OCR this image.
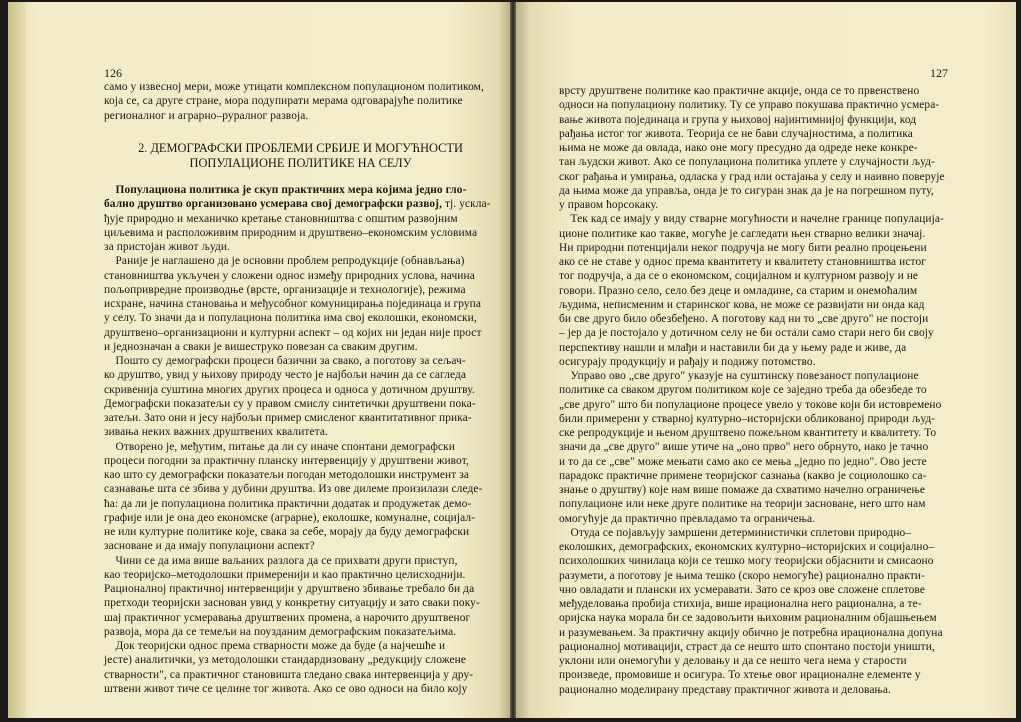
126
само у извесној мери, може утицати комплексном популационом политиком,
која се, са друге стране, мора подупирати мерама одговарајуће политике
регионалног и аграрно–руралног развоја.
2. ДЕМОГРАФСКИ ПРОБЛЕМИ СРБИЈЕ И МОГУЋНОСТИ
ПОПУЛАЦИОНЕ ПОЛИТИКЕ НА СЕЛУ
 Популациона политика је скуп практичних мера којима једно гло-
бално друштво организовано усмерава свој демографски развој, тј. ускла-
ђује природно и механичко кретање становништва с општим развојним
циљевима и расположивим природним и друштвено–економским условима
за пристојан живот људи.
 Раније је наглашено да је основни проблем репродукције (обнављања)
становништва укључен у сложени однос између природних услова, начина
пољопривредне производње (врсте, организације и технологије), режима
исхране, начина становања и међусобног комуницирања појединаца и група
у селу. То значи да и популациона политика има свој еколошки, економски,
друштвено–организациони и културни аспект – од којих ни један није прост
и једнозначан а сваки је вишеструко повезан са сваким другим.
 Пошто су демографски процеси базични за свако, а поготову за сељач-
ко друштво, увид у њихову природу често је најбољи начин да се сагледа
скривенија суштина многих других процеса и односа у дотичном друштву.
Демографски показатељи су у правом смислу синтетички друштвени пока-
затељи. Зато они и јесу најбољи пример смисленог квантитативног прика-
зивања неких важних друштвених квалитета.
 Отворено је, међутим, питање да ли су иначе спонтани демографски
процеси погодни за практичну планску интервенцију у друштвени живот,
као што су демографски показатељи погодан методолошки инструмент за
сазнавање шта се збива у дубини друштва. Из ове дилеме произилази следе-
ћа: да ли је популациона политика практични додатак и продужетак демо-
графије или је она део економске (аграрне), еколошке, комуналне, социјал-
не или културне политике које, свака за себе, морају да буду демографски
засноване и да имају популациони аспект?
 Чини се да има више ваљаних разлога да се прихвати други приступ,
као теоријско–методолошки примеренији и као практично целисходнији.
Рационалној практичној интервенцији у друштвено збивање требало би да
претходи теоријски заснован увид у конкретну ситуацију и зато сваки поку-
шај практичног усмеравања друштвених промена, а нарочито друштвеног
развоја, мора да се темељи на поузданим демографским показатељима.
 Док теоријски однос према стварности може да буде (а најчешће и
јесте) аналитички, уз методолошки стандардизовану „редукцију сложене
стварности", са практичног становишта гледано свака интервенција у дру-
штвени живот тиче се целине тог живота. Ако се ово односи на било коју
127
врсту друштвене политике као практичне акције, онда се то првенствено
односи на популациону политику. Ту се управо покушава практично усмера-
вање живота појединаца и група у њиховој најинтимнијој функцији, код
рађања истог тог живота. Теорија се не бави случајностима, а политика
њима не може да овлада, иако оне могу пресудно да одреде неке конкре-
тан људски живот. Ако се популациона политика уплете у случајности људ-
ског рађања и умирања, одласка у град или остајања у селу и наивно поверује
да њима може да управља, онда је то сигуран знак да је на погрешном путу,
у правом ћорсокаку.
 Тек кад се имају у виду стварне могућности и начелне границе популација-
ционе политике као такве, могуће је сагледати њен стварно велики значај.
Ни природни потенцијали неког подручја не могу бити реално процењени
ако се не ставе у однос према квантитету и квалитету становништва истог
тог подручја, а да се о економском, социјалном и културном развоју и не
говори. Празно село, село без деце и омладине, са старим и онемоћалим
људима, неписменим и старинског кова, не може се развијати ни онда кад
би све друго било обезбеђено. А поготову кад ни то „све друго" не постоји
– јер да је постојало у дотичном селу не би остали само стари него би своју
перспективу нашли и млађи и наставили би да у њему раде и живе, да
осигурају продукцију и рађају и подижу потомство.
 Управо ово „све друго" указује на суштинску повезаност популационе
политике са сваком другом политиком које се заједно треба да обезбеде то
„све друго" што би популационе процесе увело у токове који би истовремено
били примерени у стварној културно–историјски обликованој природи људ-
ске репродукције и њеном друштвено пожељном квантитету и квалитету. То
значи да „све друго" више утиче на „оно прво" него обрнуто, иако је тачно
и то да се „све" може мењати само ако се мења „једно по једно". Ово јесте
парадокс практичне примене теоријског сазнања (какво је социолошко са-
знање о друштву) које нам више помаже да схватимо начелно ограничење
популационе или неке друге политике на теорији засноване, него што нам
омогућује да практично превладамо та ограничења.
 Отуда се појављују замршени детерминистички сплетови природно–
еколошких, демографских, економских културно–историјских и социјално–
психолошких чинилаца који се тешко могу теоријски објаснити и смисаоно
разумети, а поготову је њима тешко (скоро немогуће) рационално практи-
чно овладати и плански их усмеравати. Зато се кроз ове сложене сплетове
међуделовања пробија стихија, више ирационална него рационална, а те-
оријска наука морала би се задовољити њиховим рационалним објашњењем
и разумевањем. За практичну акцију обично је потребна ирационална допуна
рационалној мотивацији, страст да се нешто што спонтано постоји уништи,
уклони или онемогући у деловању и да се нешто чега нема у старости
произведе, промовише и осигура. То хтење овог ирационалне елементе у
рационално моделирану представу практичног живота и деловања.
